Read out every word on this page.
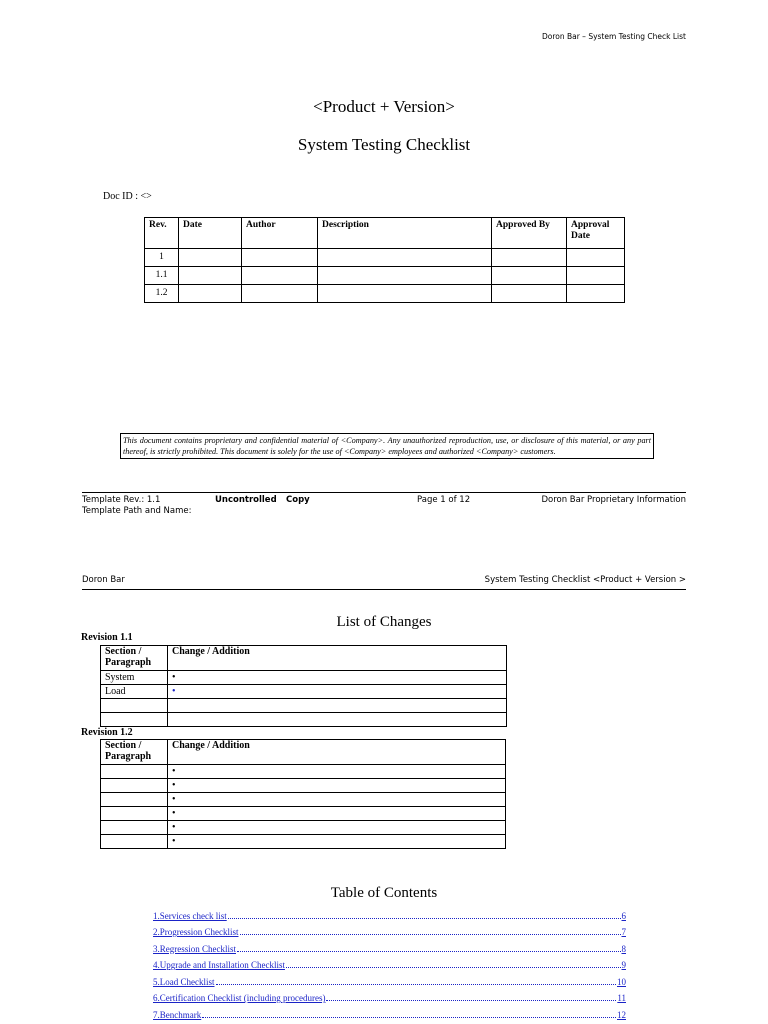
Doron Bar – System Testing Check List
<Product + Version>
System Testing Checklist
Doc ID : <>
Rev.	Date	Author	Description	Approved By	Approval Date
1					
1.1					
1.2					
This document contains proprietary and confidential material of <Company>. Any unauthorized reproduction, use, or disclosure of this material, or any part thereof, is strictly prohibited. This document is solely for the use of <Company> employees and authorized <Company> customers.
Template Rev.: 1.1	Uncontrolled Copy	Page 1 of 12	Doron Bar Proprietary Information
Template Path and Name:
Doron Bar	System Testing Checklist <Product + Version >
List of Changes
Revision 1.1
Section / Paragraph	Change / Addition
System	•
Load	•

Revision 1.2
Section / Paragraph	Change / Addition
	•
	•
	•
	•
	•
	•
Table of Contents
1.Services check list	6
2.Progression Checklist	7
3.Regression Checklist	8
4.Upgrade and Installation Checklist	9
5.Load Checklist	10
6.Certification Checklist (including procedures)	11
7.Benchmark	12
